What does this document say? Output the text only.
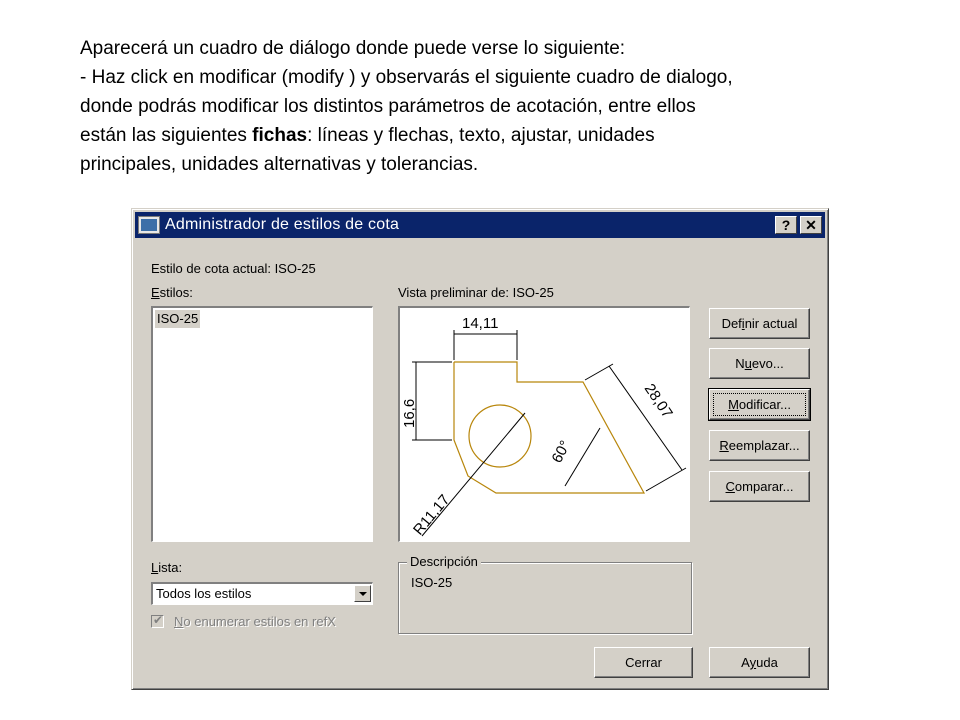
Aparecerá un cuadro de diálogo donde puede verse lo siguiente:

- Haz click en modificar (modify ) y observarás el siguiente cuadro de dialogo,

donde podrás modificar los distintos parámetros de acotación, entre ellos

están las siguientes fichas: líneas y flechas, texto, ajustar, unidades

principales, unidades alternativas y tolerancias.

Administrador de estilos de cota	?	✕
Estilo de cota actual: ISO-25
Estilos:
ISO-25
Vista preliminar de: ISO-25
14,11
16,6	28,07
60°
R11,17
Definir actual
Nuevo...
Modificar...
Reemplazar...
Comparar...
Lista:
Todos los estilos
✔ No enumerar estilos en refX
Descripción
ISO-25
Cerrar	Ayuda
